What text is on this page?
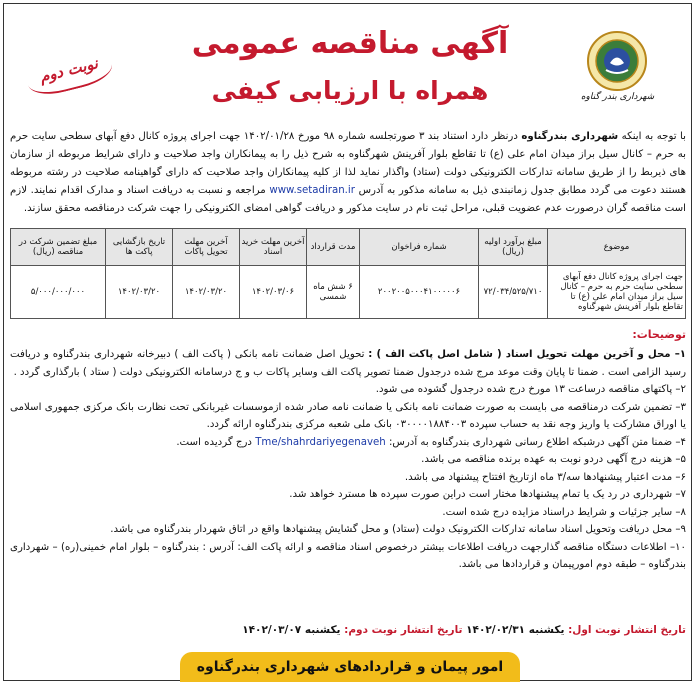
شهرداری بندر گناوه
آگهی مناقصه عمومی
همراه با ارزیابی کیفی
نوبت دوم
با توجه به اینکه شهرداری بندرگناوه درنظر دارد استناد بند ۳ صورتجلسه شماره ۹۸ مورخ ۱۴۰۲/۰۱/۲۸ جهت اجرای پروژه کانال دفع آبهای سطحی سایت حرم به حرم – کانال سیل براز میدان امام علی (ع) تا تقاطع بلوار آفرینش شهرگناوه به شرح ذیل را به پیمانکاران واجد صلاحیت و دارای شرایط مربوطه از سازمان های ذیربط را از طریق سامانه تدارکات الکترونیکی دولت (ستاد) واگذار نماید لذا از کلیه پیمانکاران واجد صلاحیت که دارای گواهینامه صلاحیت در رشته مربوطه هستند دعوت می گردد مطابق جدول زمانبندی ذیل به سامانه مذکور به آدرس www.setadiran.ir مراجعه و نسبت به دریافت اسناد و مدارک اقدام نمایند. لازم است مناقصه گران درصورت عدم عضویت قبلی، مراحل ثبت نام در سایت مذکور و دریافت گواهی امضای الکترونیکی را جهت شرکت درمناقصه محقق سازند.
موضوع	مبلغ برآورد اولیه (ریال)	شماره فراخوان	مدت قرارداد	آخرین مهلت خرید اسناد	آخرین مهلت تحویل پاکات	تاریخ بازگشایی پاکت ها	مبلغ تضمین شرکت در مناقصه (ریال)
جهت اجرای پروژه کانال دفع آبهای سطحی سایت حرم به حرم – کانال سیل براز میدان امام علی (ع) تا تقاطع بلوار آفرینش شهرگناوه	۷۲/۰۳۴/۵۲۵/۷۱۰	۲۰۰۲۰۰۵۰۰۰۴۱۰۰۰۰۰۶	۶ شش ماه شمسی	۱۴۰۲/۰۳/۰۶	۱۴۰۲/۰۳/۲۰	۱۴۰۲/۰۳/۲۰	۵/۰۰۰/۰۰۰/۰۰۰
توضیحات:

۱– محل و آخرین مهلت تحویل اسناد ( شامل اصل پاکت الف ) : تحویل اصل ضمانت نامه بانکی ( پاکت الف ) دبیرخانه شهرداری بندرگناوه و دریافت رسید الزامی است . ضمنا تا پایان وقت موعد مرج شده درجدول ضمنا تصویر پاکت الف وسایر پاکات ب و ج درسامانه الکترونیکی دولت ( ستاد ) بارگذاری گردد .

۲– پاکتهای مناقصه درساعت ۱۳ مورخ درج شده درجدول گشوده می شود.

۳– تضمین شرکت درمناقصه می بایست به صورت ضمانت نامه بانکی یا ضمانت نامه صادر شده ازموسسات غیربانکی تحت نظارت بانک مرکزی جمهوری اسلامی یا اوراق مشارکت یا واریز وجه نقد به حساب سپرده ۰۳۰۰۰۰۱۸۸۴۰۰۳ بانک ملی شعبه مرکزی بندرگناوه ارائه گردد.

۴– ضمنا متن آگهی درشبکه اطلاع رسانی شهرداری بندرگناوه به آدرس: Tme/shahrdariyegenaveh درج گردیده است.

۵– هزینه درج آگهی دردو نوبت به عهده برنده مناقصه می باشد.

۶– مدت اعتبار پیشنهادها سه/۳ ماه ازتاریخ افتتاح پیشنهاد می باشد.

۷– شهرداری در رد یک یا تمام پیشنهادها مختار است دراین صورت سپرده ها مسترد خواهد شد.

۸– سایر جزئیات و شرایط دراسناد مزایده درج شده است.

۹– محل دریافت وتحویل اسناد سامانه تدارکات الکترونیک دولت (ستاد) و محل گشایش پیشنهادها واقع در اتاق شهردار بندرگناوه می باشد.

۱۰– اطلاعات دستگاه مناقصه گذارجهت دریافت اطلاعات بیشتر درخصوص اسناد مناقصه و ارائه پاکت الف: آدرس : بندرگناوه – بلوار امام خمینی(ره) – شهرداری بندرگناوه – طبقه دوم امورپیمان و قراردادها می باشد.

تاریخ انتشار نوبت اول: یکشنبه ۱۴۰۲/۰۲/۳۱ تاریخ انتشار نوبت دوم: یکشنبه ۱۴۰۲/۰۳/۰۷
امور پیمان و قراردادهای شهرداری بندرگناوه
